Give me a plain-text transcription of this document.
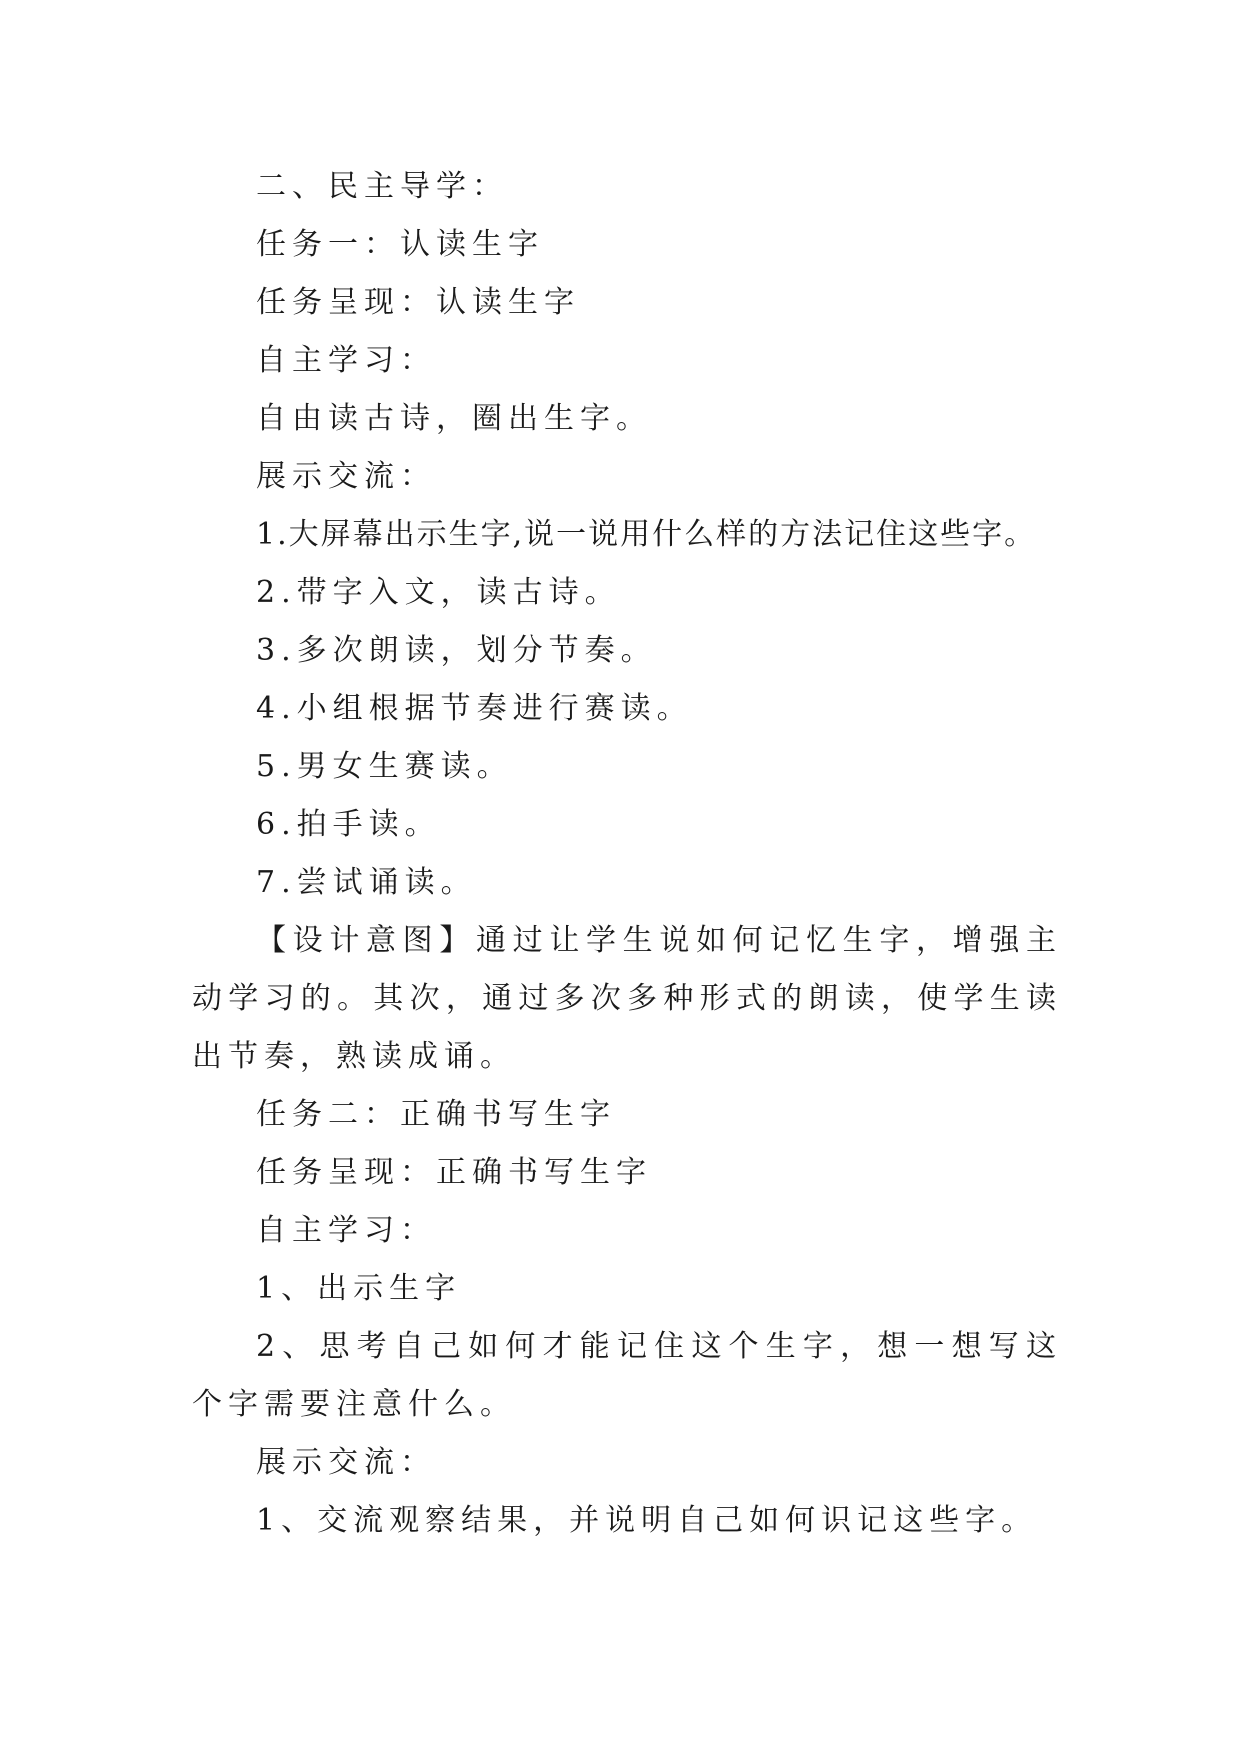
二、民主导学：
任务一：认读生字
任务呈现：认读生字
自主学习：
自由读古诗，圈出生字。
展示交流：
1.大屏幕出示生字,说一说用什么样的方法记住这些字。
2.带字入文，读古诗。
3.多次朗读，划分节奏。
4.小组根据节奏进行赛读。
5.男女生赛读。
6.拍手读。
7.尝试诵读。
【设计意图】通过让学生说如何记忆生字，增强主动学习的。其次，通过多次多种形式的朗读，使学生读出节奏，熟读成诵。
任务二：正确书写生字
任务呈现：正确书写生字
自主学习：
1、出示生字
2、思考自己如何才能记住这个生字，想一想写这个字需要注意什么。
展示交流：
1、交流观察结果，并说明自己如何识记这些字。
